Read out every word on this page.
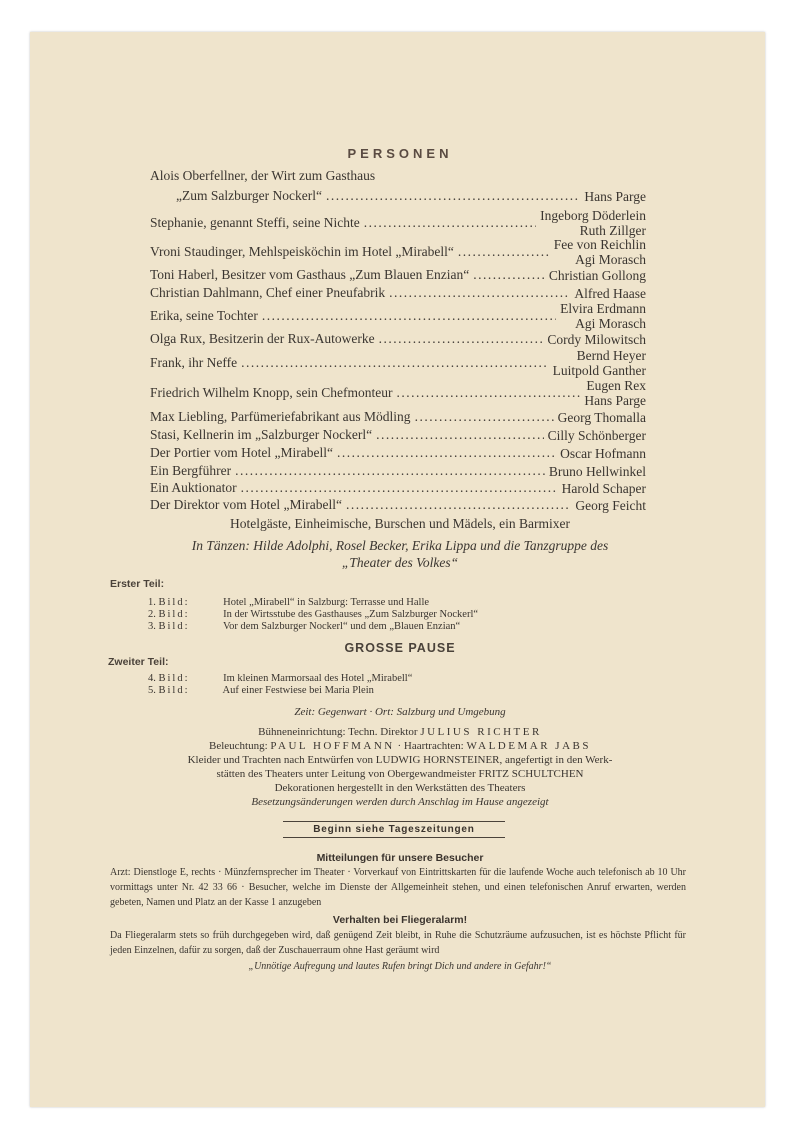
PERSONEN
Alois Oberfellner, der Wirt zum Gasthaus
„Zum Salzburger Nockerl“ .....	Hans Parge
Stephanie, genannt Steffi, seine Nichte .....	Ingeborg Döderlein
Ruth Zillger
Vroni Staudinger, Mehlspeisköchin im Hotel „Mirabell“ .....	Fee von Reichlin
Agi Morasch
Toni Haberl, Besitzer vom Gasthaus „Zum Blauen Enzian“ .....	Christian Gollong
Christian Dahlmann, Chef einer Pneufabrik .....	Alfred Haase
Erika, seine Tochter .....	Elvira Erdmann
Agi Morasch
Olga Rux, Besitzerin der Rux-Autowerke .....	Cordy Milowitsch
Frank, ihr Neffe .....	Bernd Heyer
Luitpold Ganther
Friedrich Wilhelm Knopp, sein Chefmonteur .....	Eugen Rex
Hans Parge
Max Liebling, Parfümeriefabrikant aus Mödling .....	Georg Thomalla
Stasi, Kellnerin im „Salzburger Nockerl“ .....	Cilly Schönberger
Der Portier vom Hotel „Mirabell“ .....	Oscar Hofmann
Ein Bergführer .....	Bruno Hellwinkel
Ein Auktionator .....	Harold Schaper
Der Direktor vom Hotel „Mirabell“ .....	Georg Feicht
Hotelgäste, Einheimische, Burschen und Mädels, ein Barmixer
In Tänzen: Hilde Adolphi, Rosel Becker, Erika Lippa und die Tanzgruppe des
„Theater des Volkes“
Erster Teil:
1. Bild:	Hotel „Mirabell“ in Salzburg: Terrasse und Halle
2. Bild:	In der Wirtsstube des Gasthauses „Zum Salzburger Nockerl“
3. Bild:	Vor dem Salzburger Nockerl“ und dem „Blauen Enzian“
GROSSE PAUSE
Zweiter Teil:
4. Bild:	Im kleinen Marmorsaal des Hotel „Mirabell“
5. Bild:	Auf einer Festwiese bei Maria Plein
Zeit: Gegenwart · Ort: Salzburg und Umgebung
Bühneneinrichtung: Techn. Direktor JULIUS RICHTER
Beleuchtung: PAUL HOFFMANN · Haartrachten: WALDEMAR JABS
Kleider und Trachten nach Entwürfen von LUDWIG HORNSTEINER, angefertigt in den Werk-
stätten des Theaters unter Leitung von Obergewandmeister FRITZ SCHULTCHEN
Dekorationen hergestellt in den Werkstätten des Theaters
Besetzungsänderungen werden durch Anschlag im Hause angezeigt
Beginn siehe Tageszeitungen
Mitteilungen für unsere Besucher
Arzt: Dienstloge E, rechts · Münzfernsprecher im Theater · Vorverkauf von Eintrittskarten für die laufende Woche auch telefonisch ab 10 Uhr vormittags unter Nr. 42 33 66 · Besucher, welche im Dienste der Allgemeinheit stehen, und einen telefonischen Anruf erwarten, werden gebeten, Namen und Platz an der Kasse 1 anzugeben
Verhalten bei Fliegeralarm!
Da Fliegeralarm stets so früh durchgegeben wird, daß genügend Zeit bleibt, in Ruhe die Schutzräume aufzusuchen, ist es höchste Pflicht für jeden Einzelnen, dafür zu sorgen, daß der Zuschauerraum ohne Hast geräumt wird
„Unnötige Aufregung und lautes Rufen bringt Dich und andere in Gefahr!“
